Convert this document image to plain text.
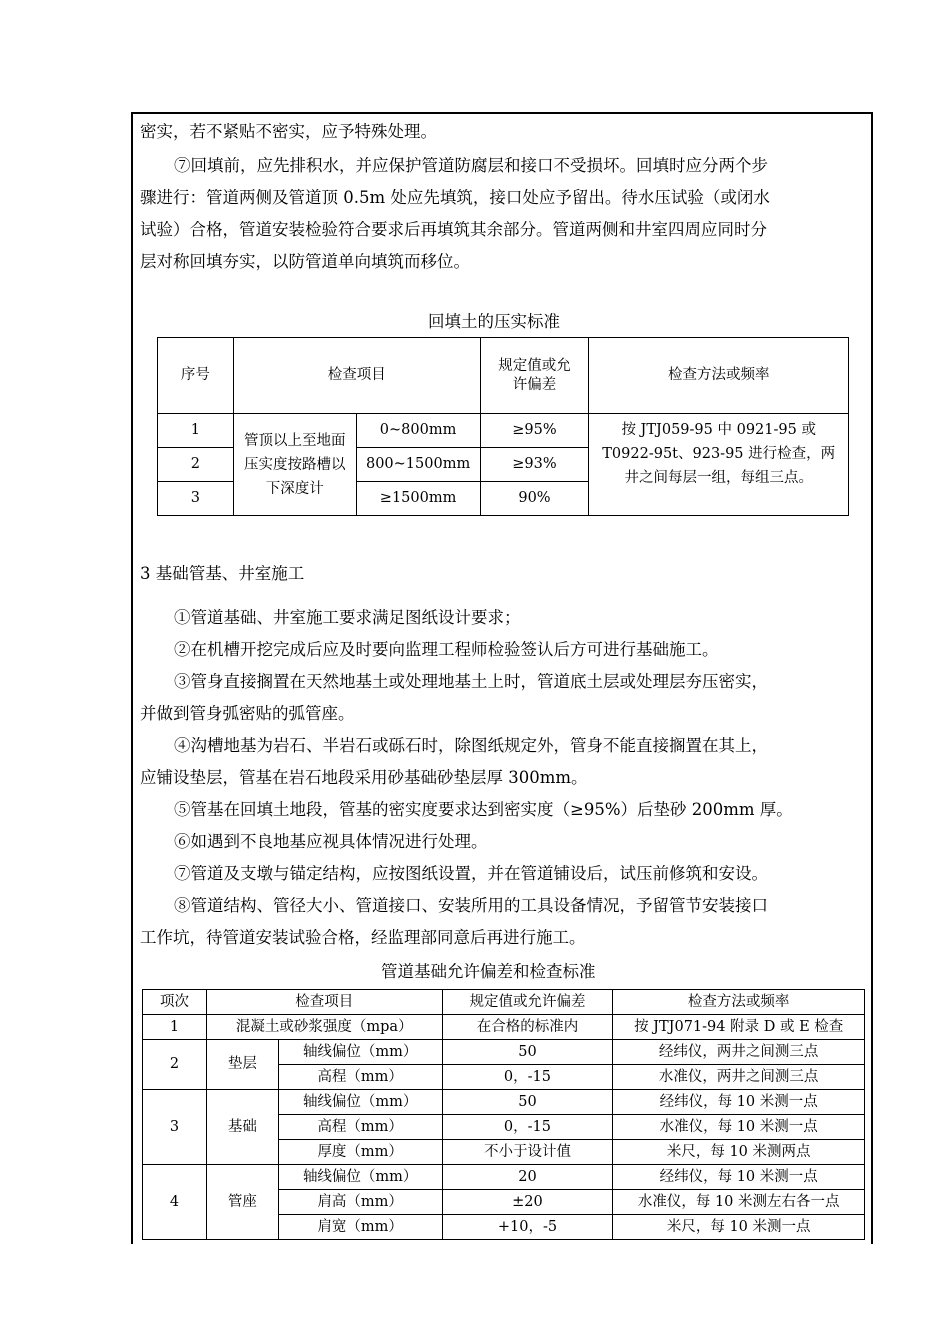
密实，若不紧贴不密实，应予特殊处理。
⑦回填前，应先排积水，并应保护管道防腐层和接口不受损坏。回填时应分两个步
骤进行：管道两侧及管道顶 0.5m 处应先填筑，接口处应予留出。待水压试验（或闭水
试验）合格，管道安装检验符合要求后再填筑其余部分。管道两侧和井室四周应同时分
层对称回填夯实，以防管道单向填筑而移位。
回填土的压实标准
序号	检查项目		规定值或允许偏差	检查方法或频率
1	管顶以上至地面压实度按路槽以下深度计	0~800mm	≥95%	按 JTJ059-95 中 0921-95 或 T0922-95t、923-95 进行检查，两井之间每层一组，每组三点。
2		800~1500mm	≥93%	
3		≥1500mm	90%	
3 基础管基、井室施工
①管道基础、井室施工要求满足图纸设计要求；
②在机槽开挖完成后应及时要向监理工程师检验签认后方可进行基础施工。
③管身直接搁置在天然地基土或处理地基土上时，管道底土层或处理层夯压密实，
并做到管身弧密贴的弧管座。
④沟槽地基为岩石、半岩石或砾石时，除图纸规定外，管身不能直接搁置在其上，
应铺设垫层，管基在岩石地段采用砂基础砂垫层厚 300mm。
⑤管基在回填土地段，管基的密实度要求达到密实度（≥95%）后垫砂 200mm 厚。
⑥如遇到不良地基应视具体情况进行处理。
⑦管道及支墩与锚定结构，应按图纸设置，并在管道铺设后，试压前修筑和安设。
⑧管道结构、管径大小、管道接口、安装所用的工具设备情况，予留管节安装接口
工作坑，待管道安装试验合格，经监理部同意后再进行施工。
管道基础允许偏差和检查标准
项次	检查项目		规定值或允许偏差	检查方法或频率
1	混凝土或砂浆强度（mpa）		在合格的标准内	按 JTJ071-94 附录 D 或 E 检查
2	垫层	轴线偏位（mm）	50	经纬仪，两井之间测三点
		高程（mm）	0，-15	水准仪，两井之间测三点
3	基础	轴线偏位（mm）	50	经纬仪，每 10 米测一点
		高程（mm）	0，-15	水准仪，每 10 米测一点
		厚度（mm）	不小于设计值	米尺，每 10 米测两点
4	管座	轴线偏位（mm）	20	经纬仪，每 10 米测一点
		肩高（mm）	±20	水准仪，每 10 米测左右各一点
		肩宽（mm）	+10，-5	米尺，每 10 米测一点
